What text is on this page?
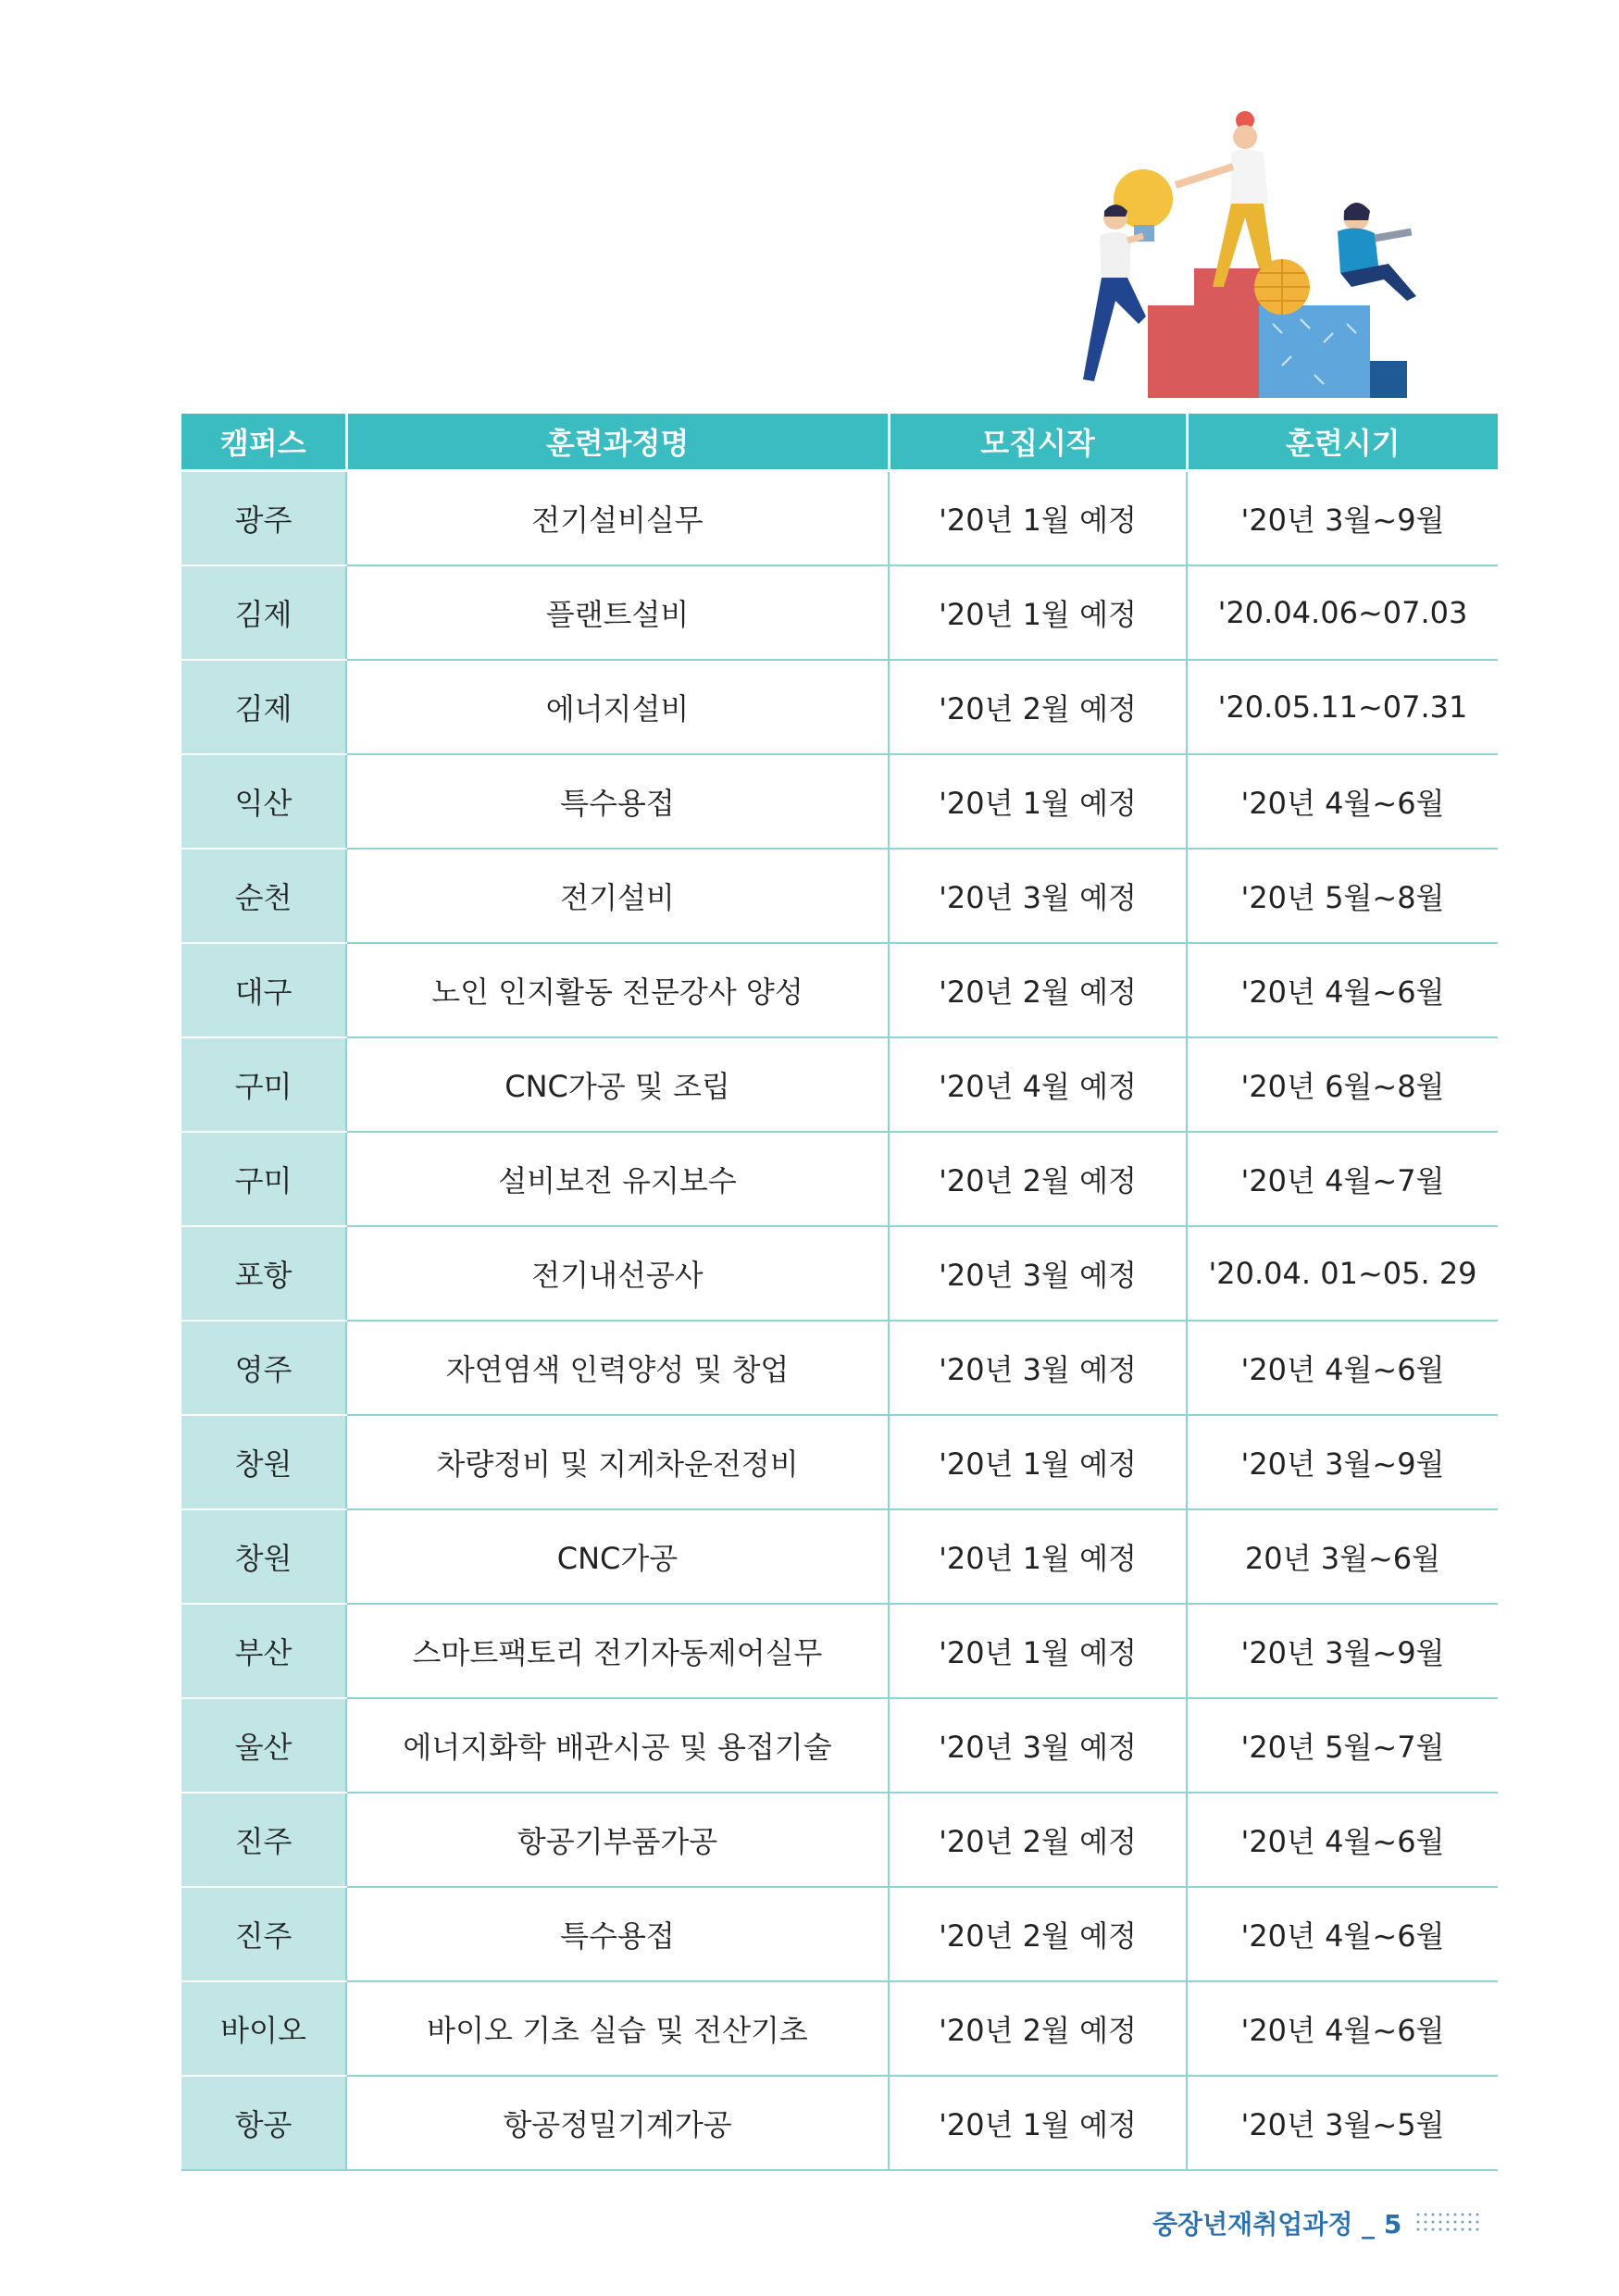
캠퍼스	훈련과정명	모집시작	훈련시기
광주	전기설비실무	'20년 1월 예정	'20년 3월~9월
김제	플랜트설비	'20년 1월 예정	'20.04.06~07.03
김제	에너지설비	'20년 2월 예정	'20.05.11~07.31
익산	특수용접	'20년 1월 예정	'20년 4월~6월
순천	전기설비	'20년 3월 예정	'20년 5월~8월
대구	노인 인지활동 전문강사 양성	'20년 2월 예정	'20년 4월~6월
구미	CNC가공 및 조립	'20년 4월 예정	'20년 6월~8월
구미	설비보전 유지보수	'20년 2월 예정	'20년 4월~7월
포항	전기내선공사	'20년 3월 예정	'20.04. 01~05. 29
영주	자연염색 인력양성 및 창업	'20년 3월 예정	'20년 4월~6월
창원	차량정비 및 지게차운전정비	'20년 1월 예정	'20년 3월~9월
창원	CNC가공	'20년 1월 예정	20년 3월~6월
부산	스마트팩토리 전기자동제어실무	'20년 1월 예정	'20년 3월~9월
울산	에너지화학 배관시공 및 용접기술	'20년 3월 예정	'20년 5월~7월
진주	항공기부품가공	'20년 2월 예정	'20년 4월~6월
진주	특수용접	'20년 2월 예정	'20년 4월~6월
바이오	바이오 기초 실습 및 전산기초	'20년 2월 예정	'20년 4월~6월
항공	항공정밀기계가공	'20년 1월 예정	'20년 3월~5월
중장년재취업과정 _ 5
